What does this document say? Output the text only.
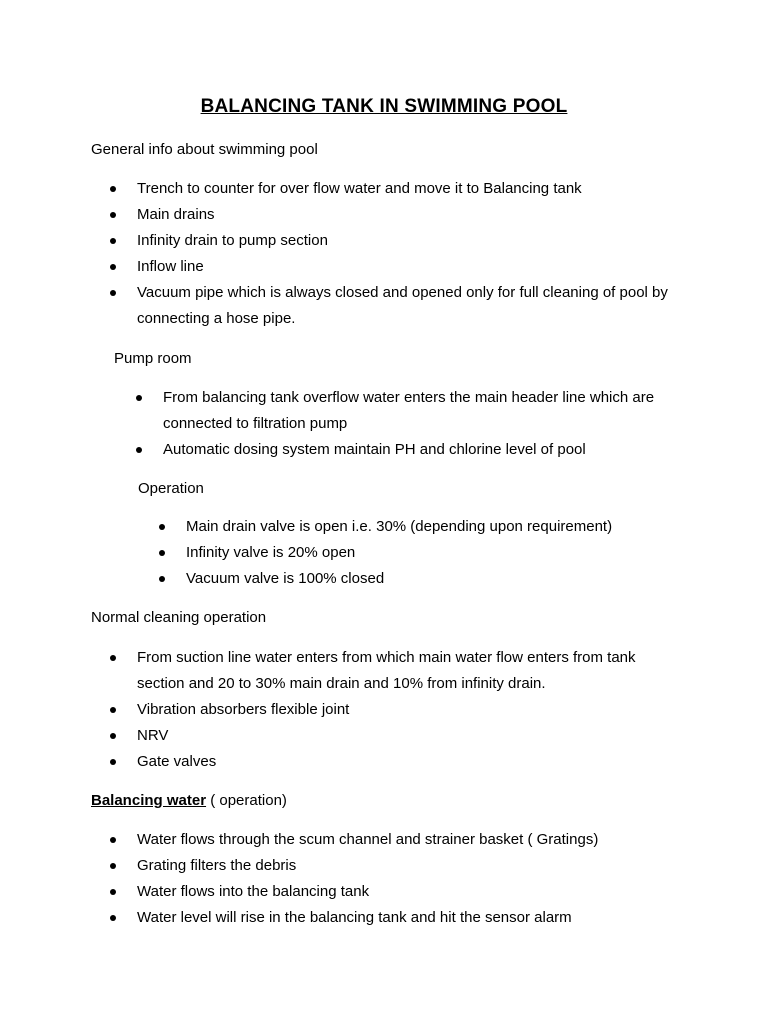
BALANCING TANK IN SWIMMING POOL

General info about swimming pool

Trench to counter for over flow water and move it to Balancing tank
Main drains
Infinity drain to pump section
Inflow line
Vacuum pipe which is always closed and opened only for full cleaning of pool by connecting a hose pipe.

Pump room

From balancing tank overflow water enters the main header line which are connected to filtration pump
Automatic dosing system maintain PH and chlorine level of pool

Operation

Main drain valve is open i.e. 30% (depending upon requirement)
Infinity valve is 20% open
Vacuum valve is 100% closed

Normal cleaning operation

From suction line water enters from which main water flow enters from tank section and 20 to 30% main drain and 10% from infinity drain.
Vibration absorbers flexible joint
NRV
Gate valves

Balancing water ( operation)

Water flows through the scum channel and strainer basket ( Gratings)
Grating filters the debris
Water flows into the balancing tank
Water level will rise in the balancing tank and hit the sensor alarm
